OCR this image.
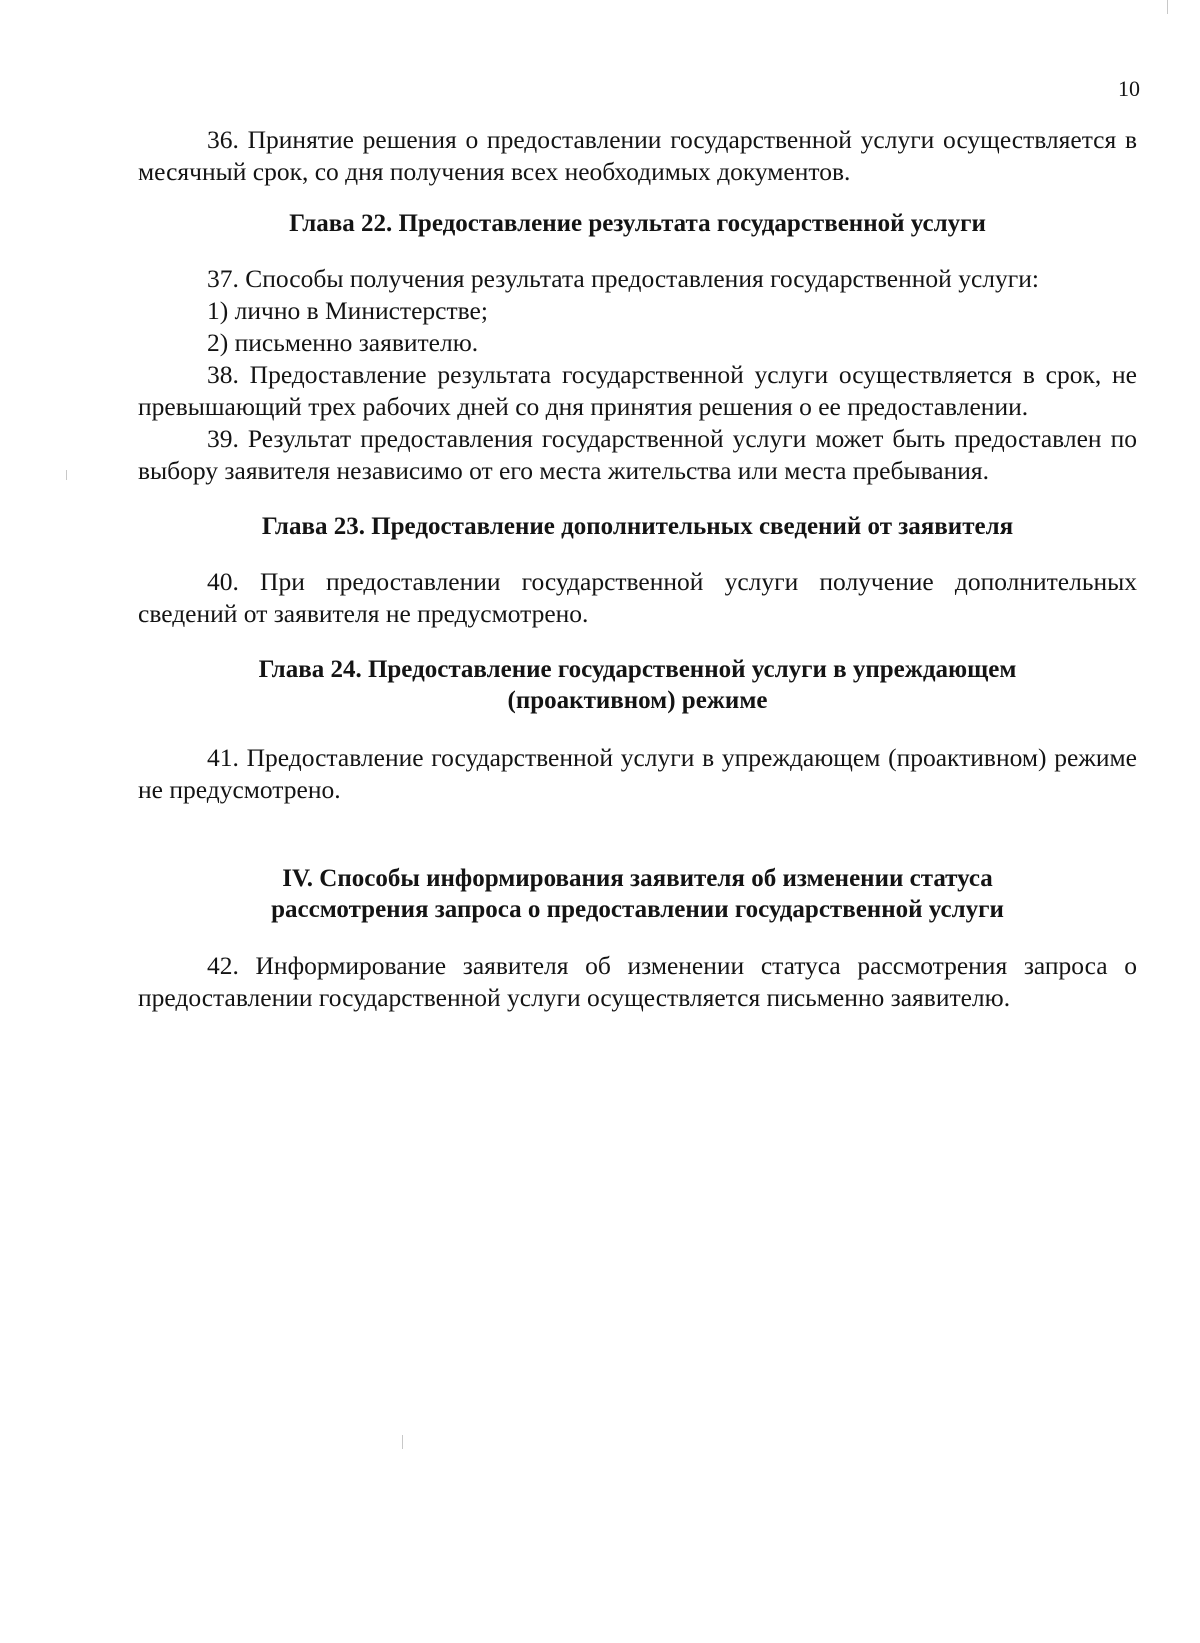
10

36. Принятие решения о предоставлении государственной услуги осуществляется в месячный срок, со дня получения всех необходимых документов.

Глава 22. Предоставление результата государственной услуги

37. Способы получения результата предоставления государственной услуги:

1) лично в Министерстве;

2) письменно заявителю.

38. Предоставление результата государственной услуги осуществляется в срок, не превышающий трех рабочих дней со дня принятия решения о ее предоставлении.

39. Результат предоставления государственной услуги может быть предоставлен по выбору заявителя независимо от его места жительства или места пребывания.

Глава 23. Предоставление дополнительных сведений от заявителя

40. При предоставлении государственной услуги получение дополнительных сведений от заявителя не предусмотрено.

Глава 24. Предоставление государственной услуги в упреждающем
(проактивном) режиме

41. Предоставление государственной услуги в упреждающем (проактивном) режиме не предусмотрено.

IV. Способы информирования заявителя об изменении статуса
рассмотрения запроса о предоставлении государственной услуги

42. Информирование заявителя об изменении статуса рассмотрения запроса о предоставлении государственной услуги осуществляется письменно заявителю.
